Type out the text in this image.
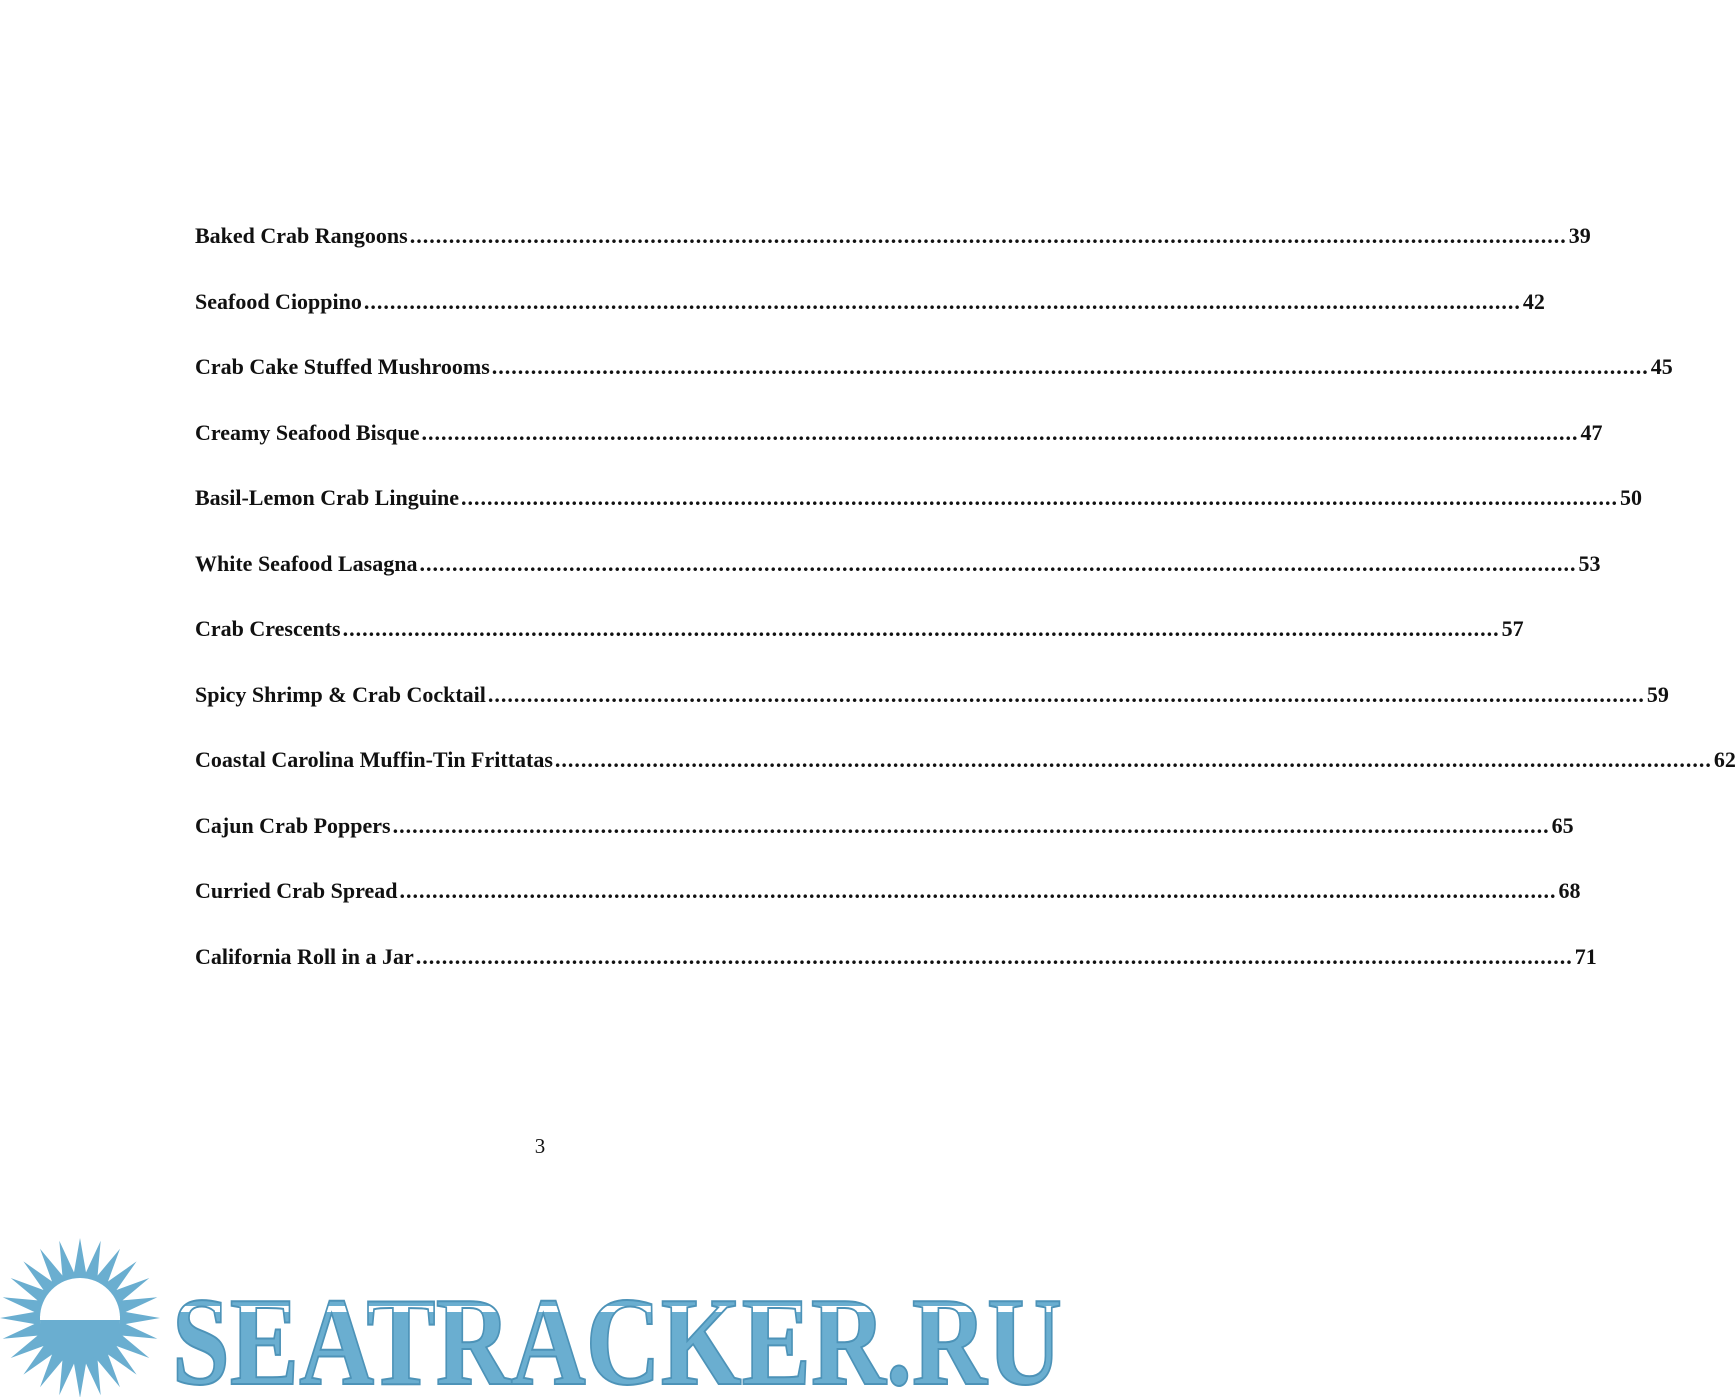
Baked Crab Rangoons .....	39
Seafood Cioppino .....	42
Crab Cake Stuffed Mushrooms .....	45
Creamy Seafood Bisque .....	47
Basil-Lemon Crab Linguine .....	50
White Seafood Lasagna .....	53
Crab Crescents .....	57
Spicy Shrimp & Crab Cocktail .....	59
Coastal Carolina Muffin-Tin Frittatas .....	62
Cajun Crab Poppers .....	65
Curried Crab Spread .....	68
California Roll in a Jar .....	71
3
SEATRACKER.RU
